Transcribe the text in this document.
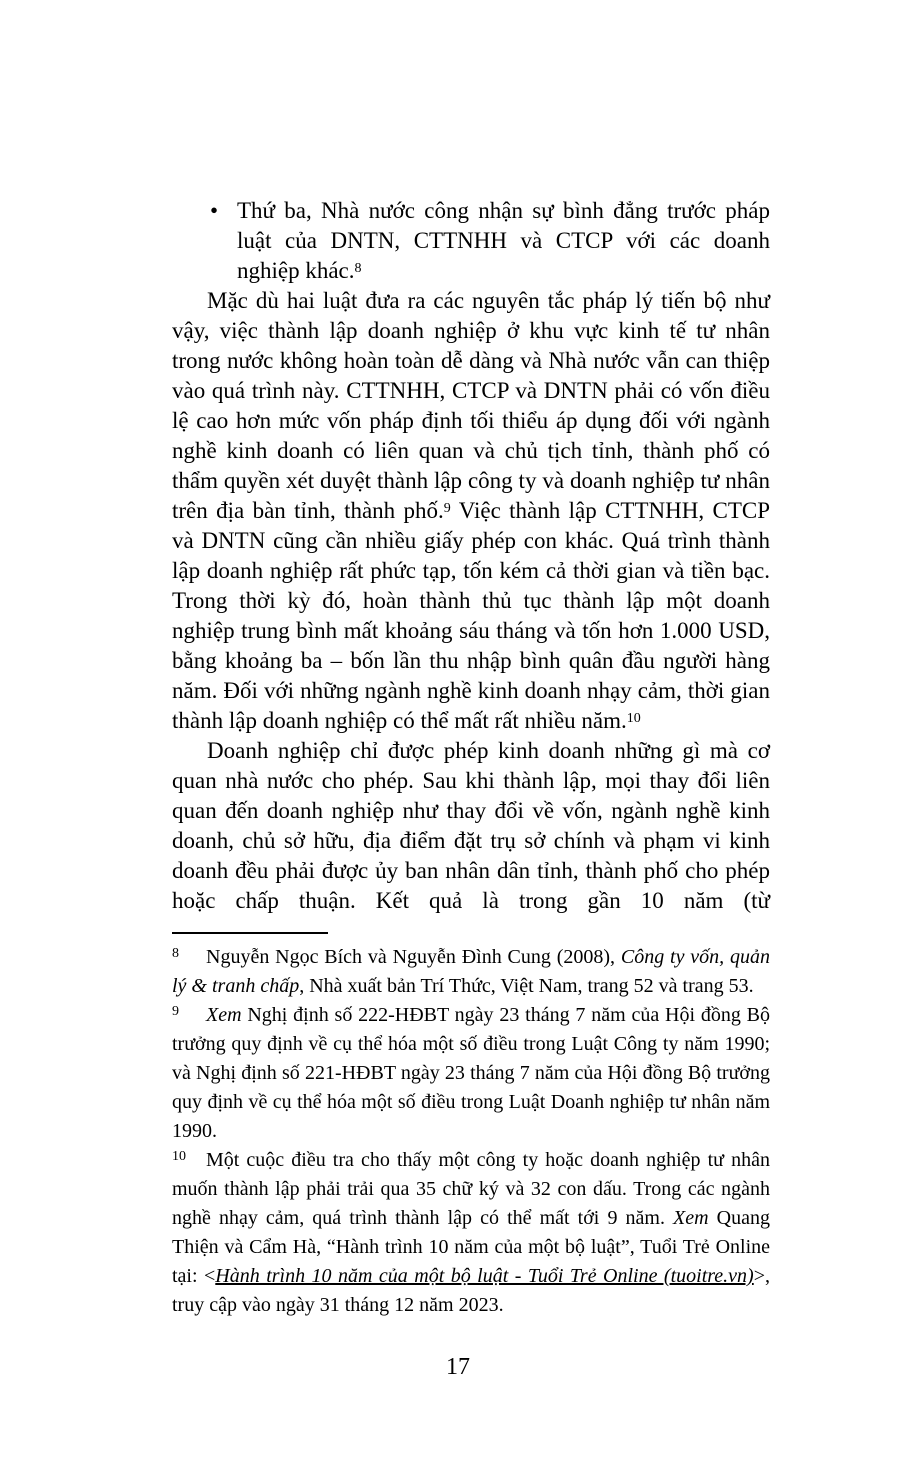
• Thứ ba, Nhà nước công nhận sự bình đẳng trước pháp luật của DNTN, CTTNHH và CTCP với các doanh nghiệp khác.$^8$

Mặc dù hai luật đưa ra các nguyên tắc pháp lý tiến bộ như vậy, việc thành lập doanh nghiệp ở khu vực kinh tế tư nhân trong nước không hoàn toàn dễ dàng và Nhà nước vẫn can thiệp vào quá trình này. CTTNHH, CTCP và DNTN phải có vốn điều lệ cao hơn mức vốn pháp định tối thiểu áp dụng đối với ngành nghề kinh doanh có liên quan và chủ tịch tỉnh, thành phố có thẩm quyền xét duyệt thành lập công ty và doanh nghiệp tư nhân trên địa bàn tỉnh, thành phố.$^9$ Việc thành lập CTTNHH, CTCP và DNTN cũng cần nhiều giấy phép con khác. Quá trình thành lập doanh nghiệp rất phức tạp, tốn kém cả thời gian và tiền bạc. Trong thời kỳ đó, hoàn thành thủ tục thành lập một doanh nghiệp trung bình mất khoảng sáu tháng và tốn hơn 1.000 USD, bằng khoảng ba – bốn lần thu nhập bình quân đầu người hàng năm. Đối với những ngành nghề kinh doanh nhạy cảm, thời gian thành lập doanh nghiệp có thể mất rất nhiều năm.$^{10}$

Doanh nghiệp chỉ được phép kinh doanh những gì mà cơ quan nhà nước cho phép. Sau khi thành lập, mọi thay đổi liên quan đến doanh nghiệp như thay đổi về vốn, ngành nghề kinh doanh, chủ sở hữu, địa điểm đặt trụ sở chính và phạm vi kinh doanh đều phải được ủy ban nhân dân tỉnh, thành phố cho phép hoặc chấp thuận. Kết quả là trong gần 10 năm (từ

$^8$ Nguyễn Ngọc Bích và Nguyễn Đình Cung (2008), Công ty vốn, quản lý & tranh chấp, Nhà xuất bản Trí Thức, Việt Nam, trang 52 và trang 53.

$^9$ Xem Nghị định số 222-HĐBT ngày 23 tháng 7 năm của Hội đồng Bộ trưởng quy định về cụ thể hóa một số điều trong Luật Công ty năm 1990; và Nghị định số 221-HĐBT ngày 23 tháng 7 năm của Hội đồng Bộ trưởng quy định về cụ thể hóa một số điều trong Luật Doanh nghiệp tư nhân năm 1990.

$^{10}$ Một cuộc điều tra cho thấy một công ty hoặc doanh nghiệp tư nhân muốn thành lập phải trải qua 35 chữ ký và 32 con dấu. Trong các ngành nghề nhạy cảm, quá trình thành lập có thể mất tới 9 năm. Xem Quang Thiện và Cẩm Hà, “Hành trình 10 năm của một bộ luật”, Tuổi Trẻ Online tại: <Hành trình 10 năm của một bộ luật - Tuổi Trẻ Online (tuoitre.vn)>, truy cập vào ngày 31 tháng 12 năm 2023.

17
